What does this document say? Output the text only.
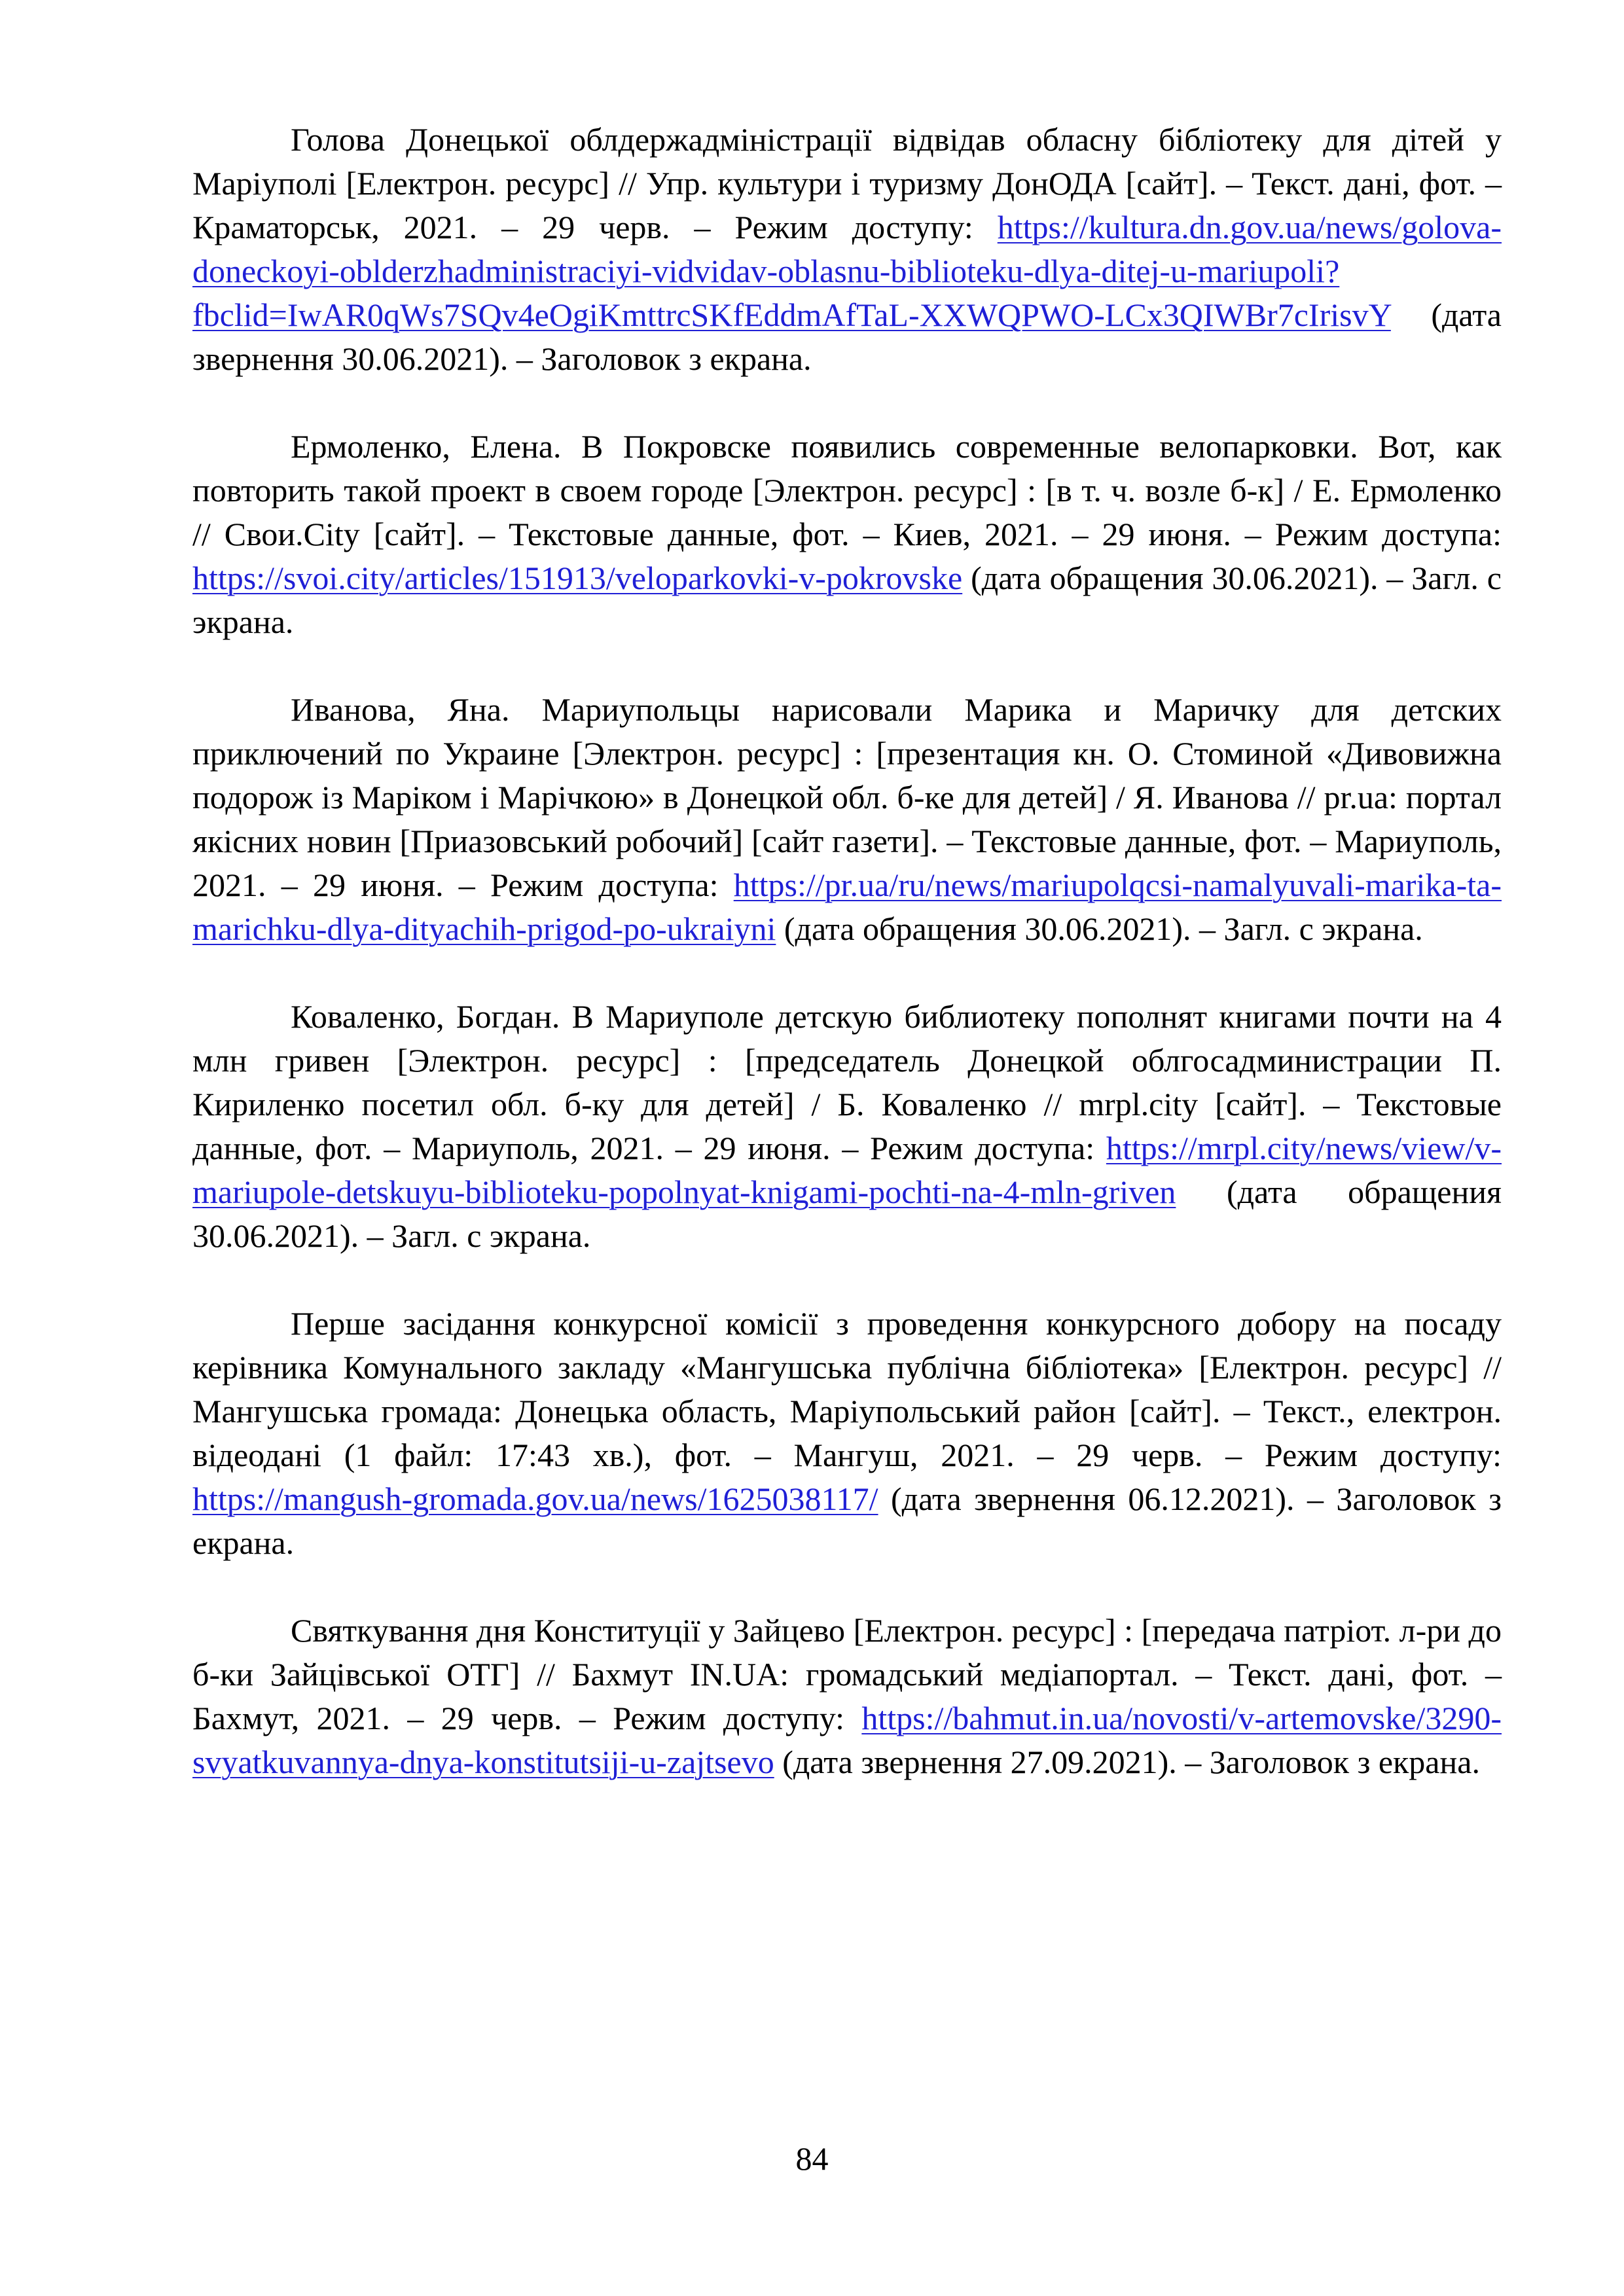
Голова Донецької облдержадміністрації відвідав обласну бібліотеку для дітей у Маріуполі [Електрон. ресурс] // Упр. культури і туризму ДонОДА [сайт]. – Текст. дані, фот. – Краматорськ, 2021. – 29 черв. – Режим доступу: https://kultura.dn.gov.ua/news/golova-doneckoyi-oblderzhadministraciyi-vidvidav-oblasnu-biblioteku-dlya-ditej-u-mariupoli?fbclid=IwAR0qWs7SQv4eOgiKmttrcSKfEddmAfTaL-XXWQPWO-LCx3QIWBr7cIrisvY (дата звернення 30.06.2021). – Заголовок з екрана.

Ермоленко, Елена. В Покровске появились современные велопарковки. Вот, как повторить такой проект в своем городе [Электрон. ресурс] : [в т. ч. возле б-к] / Е. Ермоленко // Свои.City [сайт]. – Текстовые данные, фот. – Киев, 2021. – 29 июня. – Режим доступа: https://svoi.city/articles/151913/veloparkovki-v-pokrovske (дата обращения 30.06.2021). – Загл. с экрана.

Иванова, Яна. Мариупольцы нарисовали Марика и Маричку для детских приключений по Украине [Электрон. ресурс] : [презентация кн. О. Стоминой «Дивовижна подорож із Маріком і Марічкою» в Донецкой обл. б-ке для детей] / Я. Иванова // pr.ua: портал якісних новин [Приазовський робочий] [сайт газети]. – Текстовые данные, фот. – Мариуполь, 2021. – 29 июня. – Режим доступа: https://pr.ua/ru/news/mariupolqcsi-namalyuvali-marika-ta-marichku-dlya-dityachih-prigod-po-ukraiyni (дата обращения 30.06.2021). – Загл. с экрана.

Коваленко, Богдан. В Мариуполе детскую библиотеку пополнят книгами почти на 4 млн гривен [Электрон. ресурс] : [председатель Донецкой облгосадминистрации П. Кириленко посетил обл. б-ку для детей] / Б. Коваленко // mrpl.city [сайт]. – Текстовые данные, фот. – Мариуполь, 2021. – 29 июня. – Режим доступа: https://mrpl.city/news/view/v-mariupole-detskuyu-biblioteku-popolnyat-knigami-pochti-na-4-mln-griven (дата обращения 30.06.2021). – Загл. с экрана.

Перше засідання конкурсної комісії з проведення конкурсного добору на посаду керівника Комунального закладу «Мангушська публічна бібліотека» [Електрон. ресурс] // Мангушська громада: Донецька область, Маріупольський район [сайт]. – Текст., електрон. відеодані (1 файл: 17:43 хв.), фот. – Мангуш, 2021. – 29 черв. – Режим доступу: https://mangush-gromada.gov.ua/news/1625038117/ (дата звернення 06.12.2021). – Заголовок з екрана.

Святкування дня Конституції у Зайцево [Електрон. ресурс] : [передача патріот. л-ри до б-ки Зайцівської ОТГ] // Бахмут IN.UA: громадський медіапортал. – Текст. дані, фот. – Бахмут, 2021. – 29 черв. – Режим доступу: https://bahmut.in.ua/novosti/v-artemovske/3290-svyatkuvannya-dnya-konstitutsiji-u-zajtsevo (дата звернення 27.09.2021). – Заголовок з екрана.

84
